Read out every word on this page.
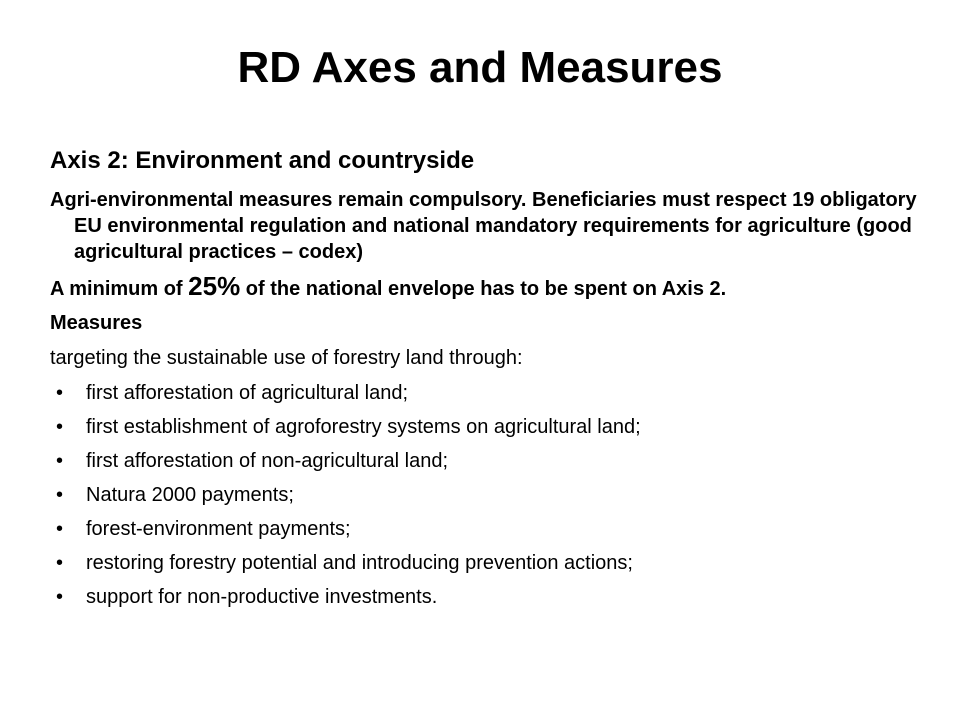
RD Axes and Measures
Axis 2: Environment and countryside
Agri-environmental measures remain compulsory. Beneficiaries must respect 19 obligatory EU environmental regulation and national mandatory requirements for agriculture (good agricultural practices – codex)
A minimum of 25% of the national envelope has to be spent on Axis 2.
Measures
targeting the sustainable use of forestry land through:
• first afforestation of agricultural land;
• first establishment of agroforestry systems on agricultural land;
• first afforestation of non-agricultural land;
• Natura 2000 payments;
• forest-environment payments;
• restoring forestry potential and introducing prevention actions;
• support for non-productive investments.
